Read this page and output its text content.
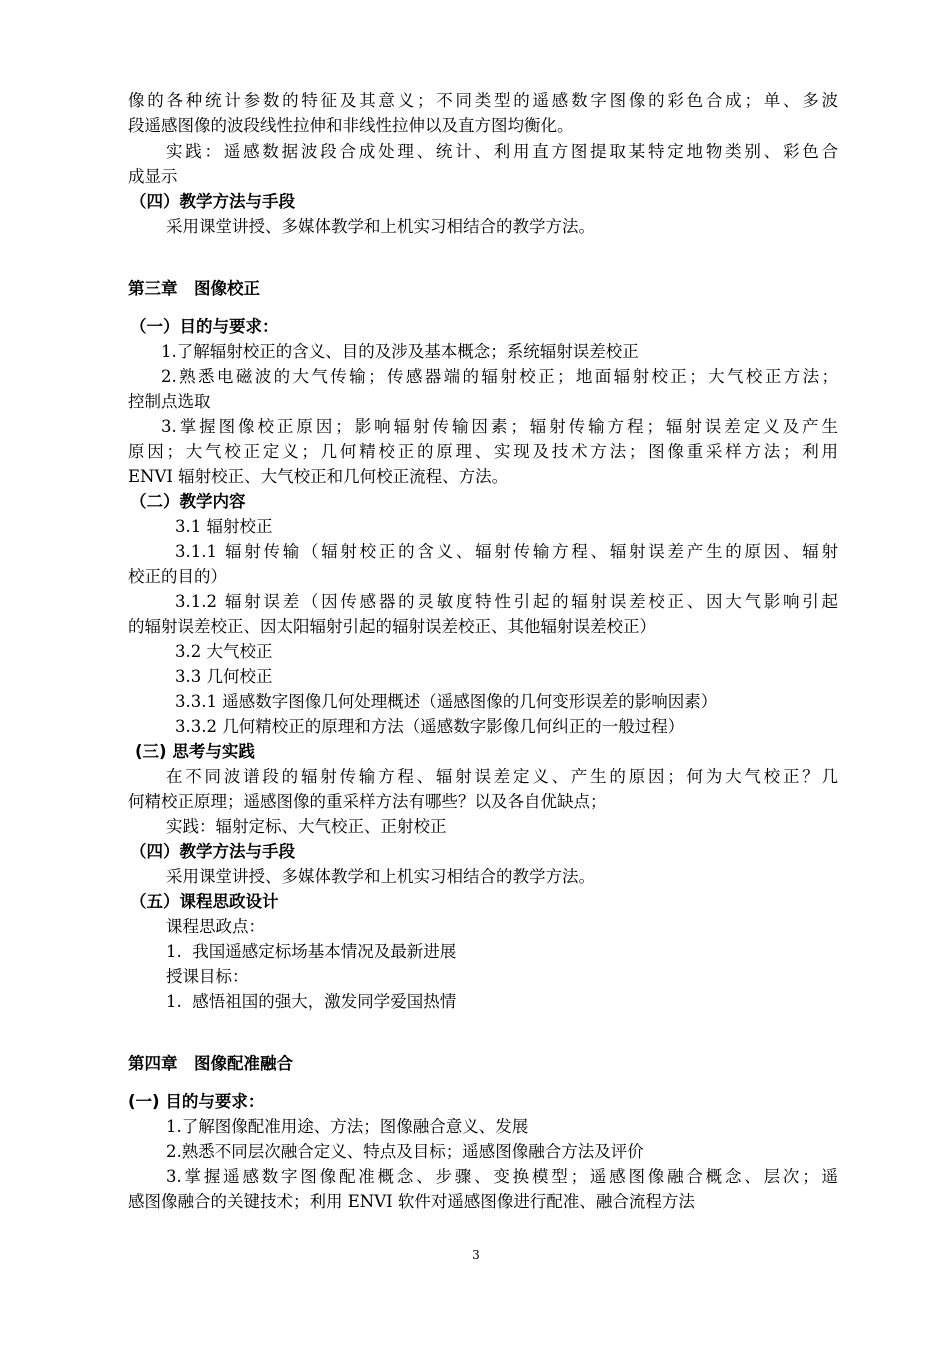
像的各种统计参数的特征及其意义；不同类型的遥感数字图像的彩色合成；单、多波
段遥感图像的波段线性拉伸和非线性拉伸以及直方图均衡化。
实践：遥感数据波段合成处理、统计、利用直方图提取某特定地物类别、彩色合
成显示
（四）教学方法与手段
采用课堂讲授、多媒体教学和上机实习相结合的教学方法。
第三章　图像校正
（一）目的与要求：
1.了解辐射校正的含义、目的及涉及基本概念；系统辐射误差校正
2.熟悉电磁波的大气传输；传感器端的辐射校正；地面辐射校正；大气校正方法；
控制点选取
3.掌握图像校正原因；影响辐射传输因素；辐射传输方程；辐射误差定义及产生
原因；大气校正定义；几何精校正的原理、实现及技术方法；图像重采样方法；利用
ENVI 辐射校正、大气校正和几何校正流程、方法。
（二）教学内容
3.1 辐射校正
3.1.1 辐射传输（辐射校正的含义、辐射传输方程、辐射误差产生的原因、辐射
校正的目的）
3.1.2 辐射误差（因传感器的灵敏度特性引起的辐射误差校正、因大气影响引起
的辐射误差校正、因太阳辐射引起的辐射误差校正、其他辐射误差校正）
3.2 大气校正
3.3 几何校正
3.3.1 遥感数字图像几何处理概述（遥感图像的几何变形误差的影响因素）
3.3.2 几何精校正的原理和方法（遥感数字影像几何纠正的一般过程）
(三) 思考与实践
在不同波谱段的辐射传输方程、辐射误差定义、产生的原因；何为大气校正？几
何精校正原理；遥感图像的重采样方法有哪些？以及各自优缺点；
实践：辐射定标、大气校正、正射校正
（四）教学方法与手段
采用课堂讲授、多媒体教学和上机实习相结合的教学方法。
（五）课程思政设计
课程思政点：
1.  我国遥感定标场基本情况及最新进展
授课目标：
1.  感悟祖国的强大，激发同学爱国热情
第四章　图像配准融合
(一) 目的与要求：
1.了解图像配准用途、方法；图像融合意义、发展
2.熟悉不同层次融合定义、特点及目标；遥感图像融合方法及评价
3.掌握遥感数字图像配准概念、步骤、变换模型；遥感图像融合概念、层次；遥
感图像融合的关键技术；利用 ENVI 软件对遥感图像进行配准、融合流程方法
3
